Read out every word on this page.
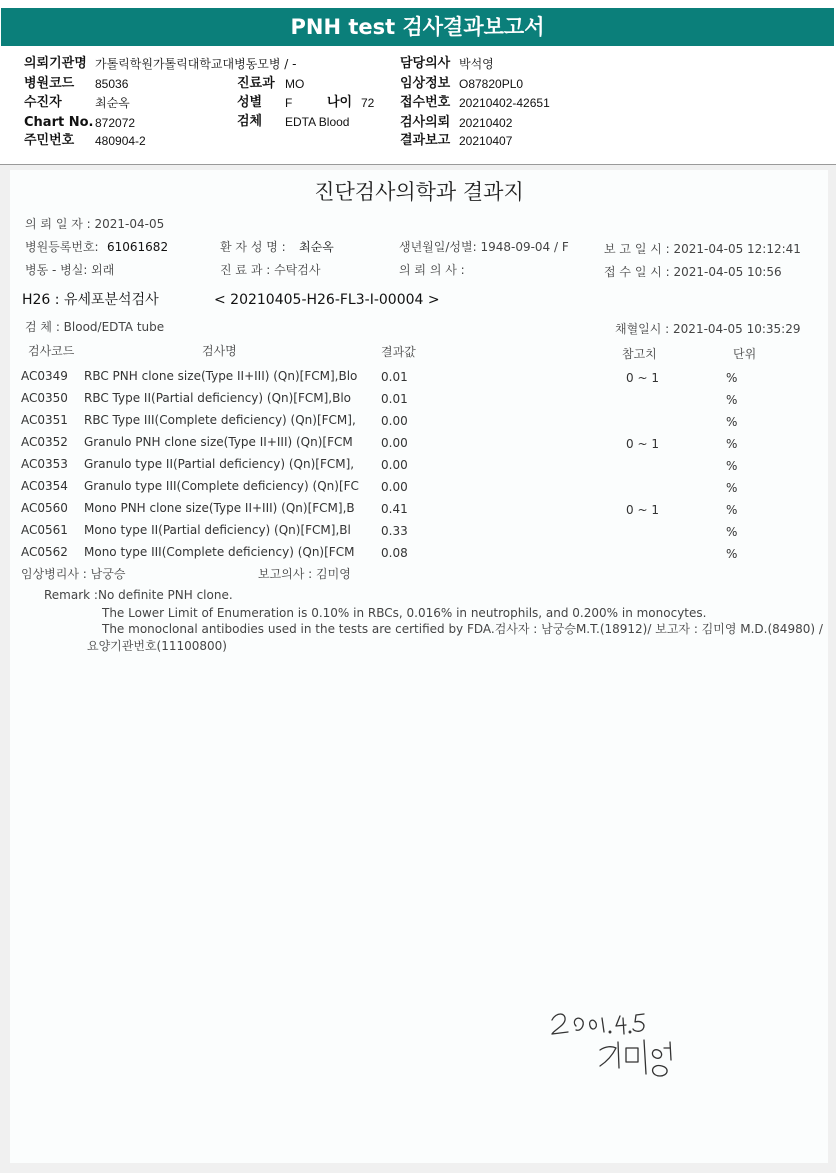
PNH test 검사결과보고서
의뢰기관명 가톨릭학원가톨릭대학교대병동모병 / -
병원코드 85036
수진자	최순옥
Chart No. 872072
주민번호 480904-2
진료과 MO
성별 F	나이 72
검체 EDTA Blood
담당의사 박석영
임상정보 O87820PL0
접수번호 20210402-42651
검사의뢰 20210402
결과보고 20210407
진단검사의학과 결과지
의 뢰 일 자 : 2021-04-05
병원등록번호: 61061682	환 자 성 명 : 최순옥	생년월일/성별: 1948-09-04 / F	보 고 일 시 : 2021-04-05 12:12:41
병동 - 병실: 외래	진 료 과 : 수탁검사	의 뢰 의 사 :	접 수 일 시 : 2021-04-05 10:56
H26 : 유세포분석검사	< 20210405-H26-FL3-I-00004 >
검 체 : Blood/EDTA tube	채혈일시 : 2021-04-05 10:35:29
검사코드	검사명	결과값	참고치	단위
AC0349 RBC PNH clone size(Type II+III) (Qn)[FCM],Blo 0.01	0 ~ 1	%
AC0350 RBC Type II(Partial deficiency) (Qn)[FCM],Blo 0.01	%
AC0351 RBC Type III(Complete deficiency) (Qn)[FCM], 0.00	%
AC0352 Granulo PNH clone size(Type II+III) (Qn)[FCM 0.00	0 ~ 1	%
AC0353 Granulo type II(Partial deficiency) (Qn)[FCM], 0.00	%
AC0354 Granulo type III(Complete deficiency) (Qn)[FC 0.00	%
AC0560 Mono PNH clone size(Type II+III) (Qn)[FCM],B 0.41	0 ~ 1	%
AC0561 Mono type II(Partial deficiency) (Qn)[FCM],Bl	0.33	%
AC0562 Mono type III(Complete deficiency) (Qn)[FCM 0.08	%
임상병리사 : 남궁승	보고의사 : 김미영
Remark : No definite PNH clone.
The Lower Limit of Enumeration is 0.10% in RBCs, 0.016% in neutrophils, and 0.200% in monocytes.
The monoclonal antibodies used in the tests are certified by FDA.검사자 : 남궁승M.T.(18912)/ 보고자 : 김미영 M.D.(84980) /
요양기관번호(11100800)
